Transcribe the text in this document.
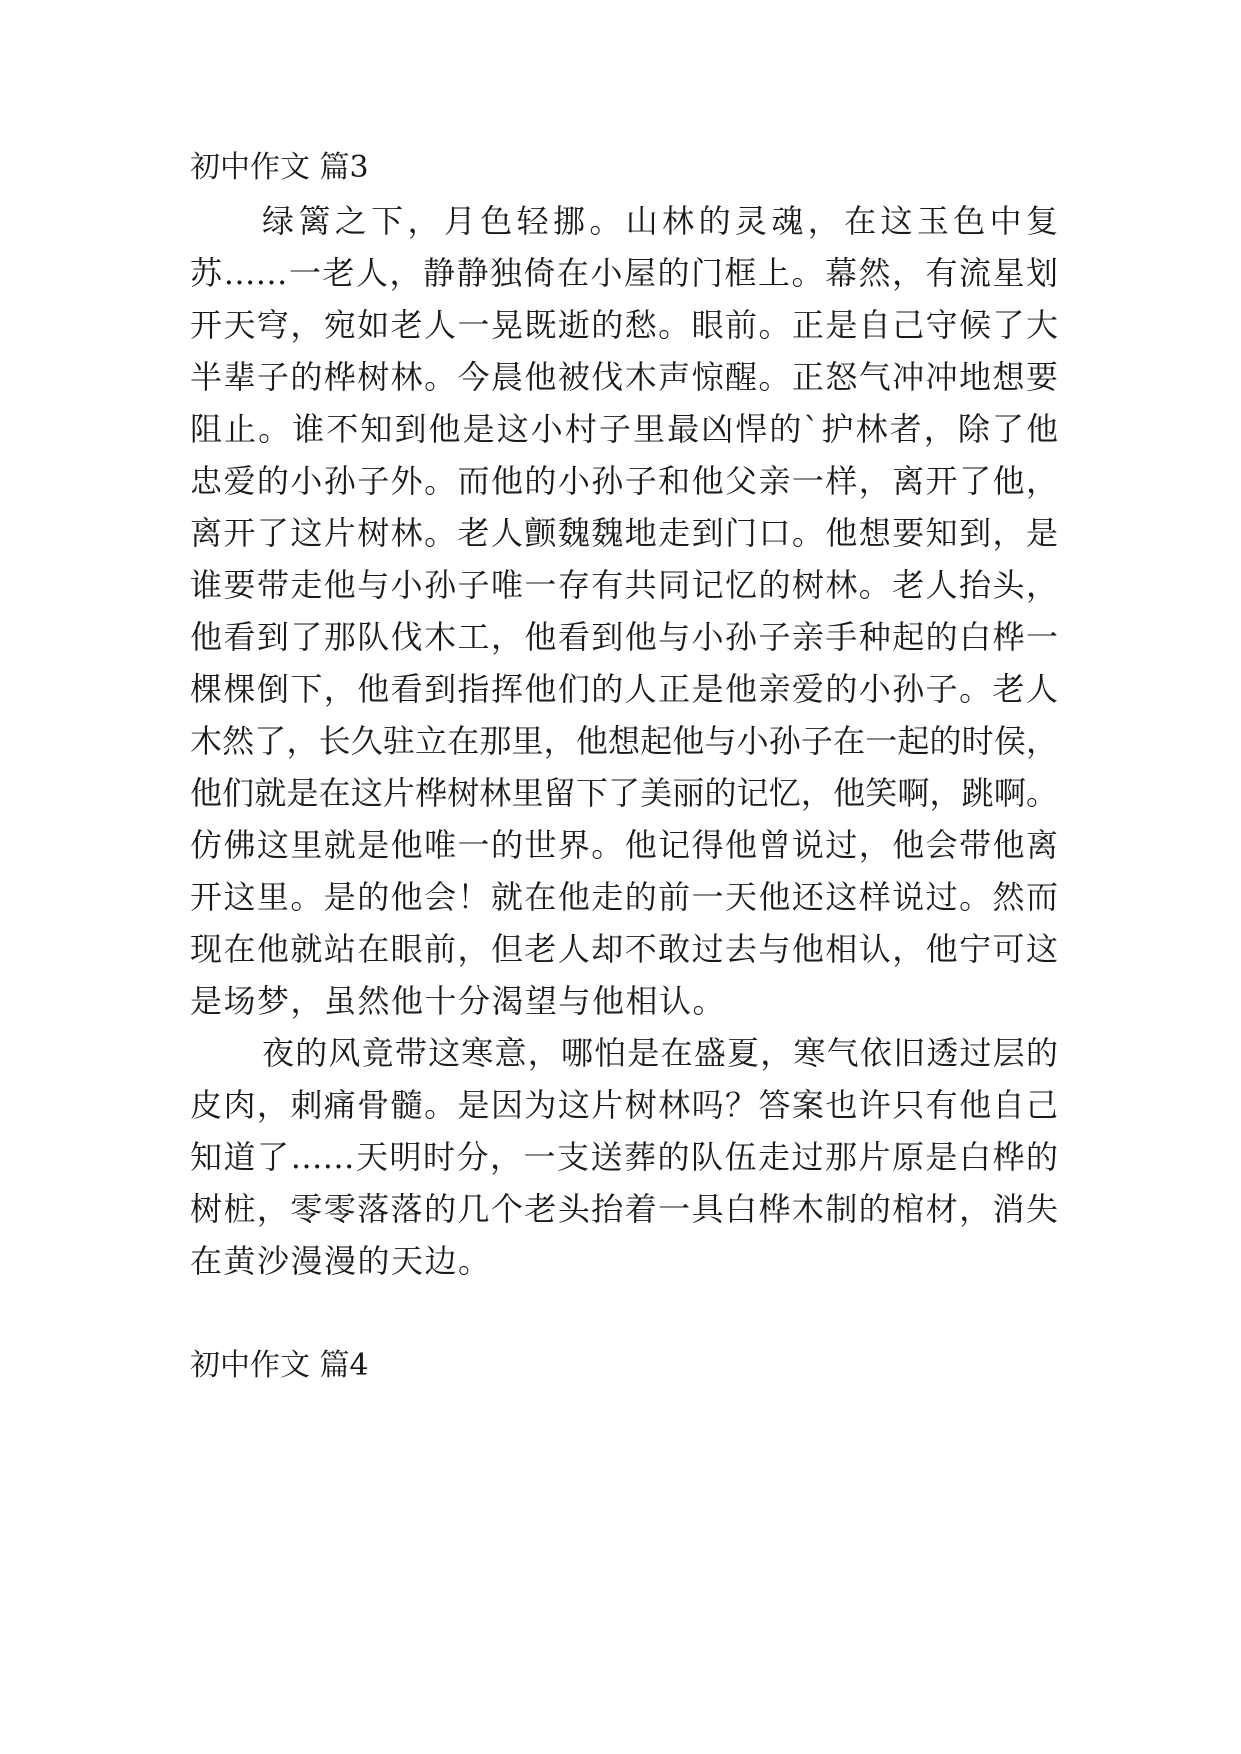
初中作文 篇3
绿篱之下，月色轻挪。山林的灵魂，在这玉色中复
苏……一老人，静静独倚在小屋的门框上。幕然，有流星划
开天穹，宛如老人一晃既逝的愁。眼前。正是自己守候了大
半辈子的桦树林。今晨他被伐木声惊醒。正怒气冲冲地想要
阻止。谁不知到他是这小村子里最凶悍的`护林者，除了他
忠爱的小孙子外。而他的小孙子和他父亲一样，离开了他，
离开了这片树林。老人颤魏魏地走到门口。他想要知到，是
谁要带走他与小孙子唯一存有共同记忆的树林。老人抬头，
他看到了那队伐木工，他看到他与小孙子亲手种起的白桦一
棵棵倒下，他看到指挥他们的人正是他亲爱的小孙子。老人
木然了，长久驻立在那里，他想起他与小孙子在一起的时侯，
他们就是在这片桦树林里留下了美丽的记忆，他笑啊，跳啊。
仿佛这里就是他唯一的世界。他记得他曾说过，他会带他离
开这里。是的他会！就在他走的前一天他还这样说过。然而
现在他就站在眼前，但老人却不敢过去与他相认，他宁可这
是场梦，虽然他十分渴望与他相认。
夜的风竟带这寒意，哪怕是在盛夏，寒气依旧透过层的
皮肉，刺痛骨髓。是因为这片树林吗？答案也许只有他自己
知道了……天明时分，一支送葬的队伍走过那片原是白桦的
树桩，零零落落的几个老头抬着一具白桦木制的棺材，消失
在黄沙漫漫的天边。
初中作文 篇4
